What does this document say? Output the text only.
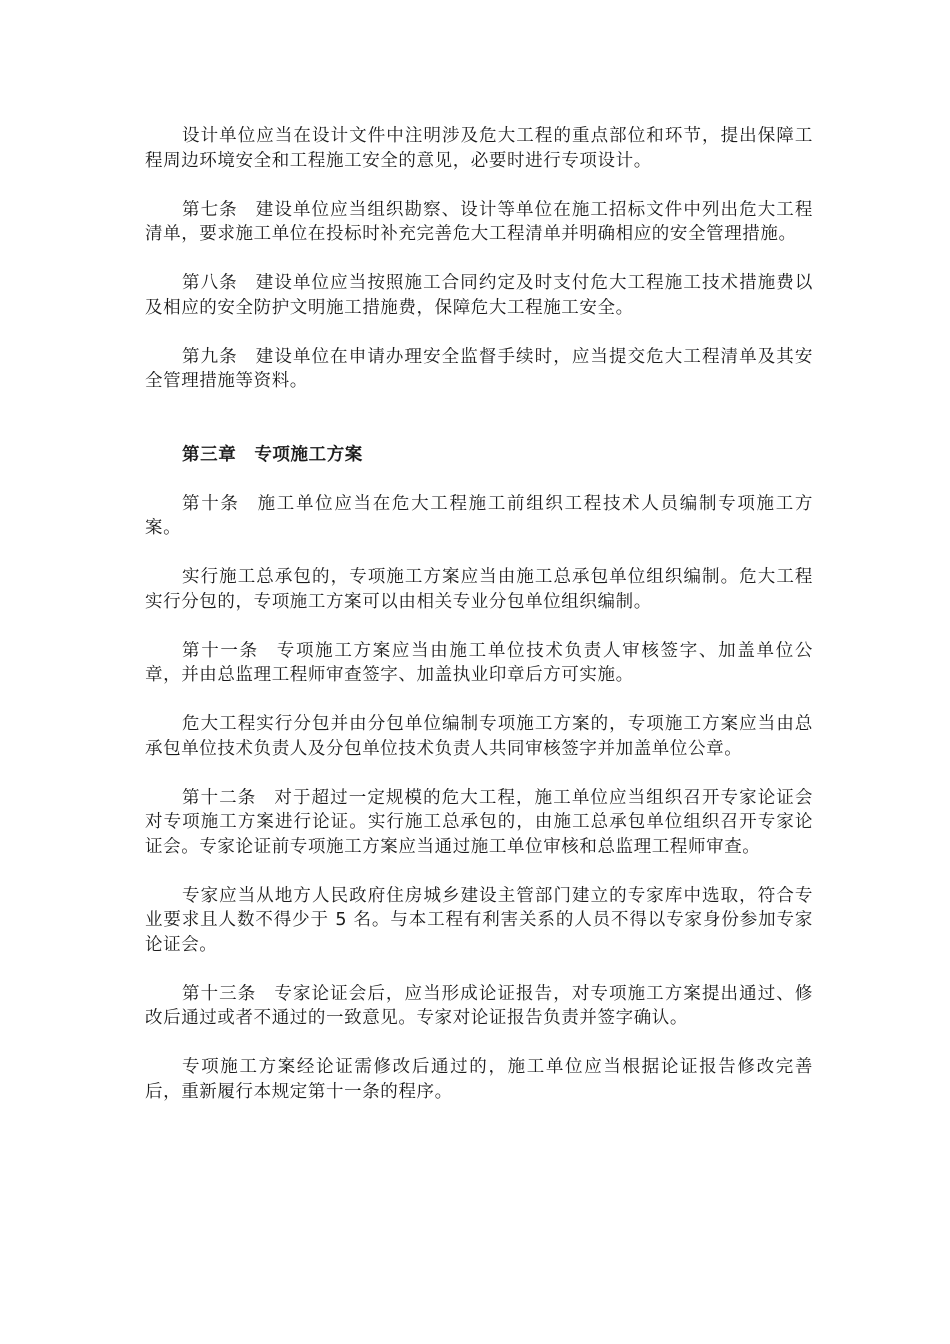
设计单位应当在设计文件中注明涉及危大工程的重点部位和环节，提出保障工程周边环境安全和工程施工安全的意见，必要时进行专项设计。

第七条 建设单位应当组织勘察、设计等单位在施工招标文件中列出危大工程清单，要求施工单位在投标时补充完善危大工程清单并明确相应的安全管理措施。

第八条 建设单位应当按照施工合同约定及时支付危大工程施工技术措施费以及相应的安全防护文明施工措施费，保障危大工程施工安全。

第九条 建设单位在申请办理安全监督手续时，应当提交危大工程清单及其安全管理措施等资料。

第三章 专项施工方案

第十条 施工单位应当在危大工程施工前组织工程技术人员编制专项施工方案。

实行施工总承包的，专项施工方案应当由施工总承包单位组织编制。危大工程实行分包的，专项施工方案可以由相关专业分包单位组织编制。

第十一条 专项施工方案应当由施工单位技术负责人审核签字、加盖单位公章，并由总监理工程师审查签字、加盖执业印章后方可实施。

危大工程实行分包并由分包单位编制专项施工方案的，专项施工方案应当由总承包单位技术负责人及分包单位技术负责人共同审核签字并加盖单位公章。

第十二条 对于超过一定规模的危大工程，施工单位应当组织召开专家论证会对专项施工方案进行论证。实行施工总承包的，由施工总承包单位组织召开专家论证会。专家论证前专项施工方案应当通过施工单位审核和总监理工程师审查。

专家应当从地方人民政府住房城乡建设主管部门建立的专家库中选取，符合专业要求且人数不得少于 5 名。与本工程有利害关系的人员不得以专家身份参加专家论证会。

第十三条 专家论证会后，应当形成论证报告，对专项施工方案提出通过、修改后通过或者不通过的一致意见。专家对论证报告负责并签字确认。

专项施工方案经论证需修改后通过的，施工单位应当根据论证报告修改完善后，重新履行本规定第十一条的程序。
